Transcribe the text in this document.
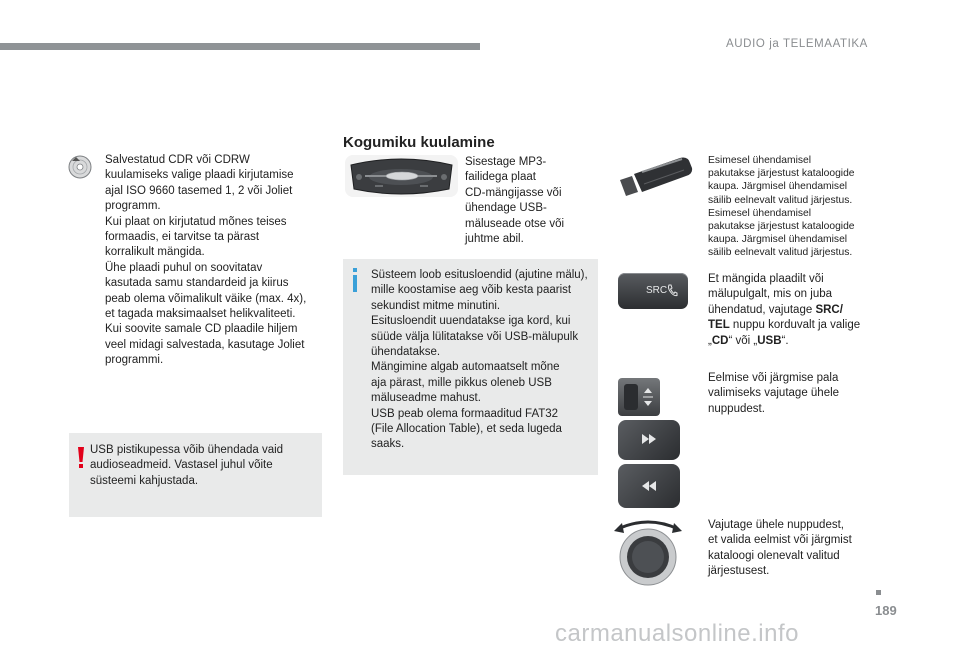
AUDIO ja TELEMAATIKA
Salvestatud CDR või CDRW
kuulamiseks valige plaadi kirjutamise
ajal ISO 9660 tasemed 1, 2 või Joliet
programm.
Kui plaat on kirjutatud mõnes teises
formaadis, ei tarvitse ta pärast
korralikult mängida.
Ühe plaadi puhul on soovitatav
kasutada samu standardeid ja kiirus
peab olema võimalikult väike (max. 4x),
et tagada maksimaalset helikvaliteeti.
Kui soovite samale CD plaadile hiljem
veel midagi salvestada, kasutage Joliet
programmi.
USB pistikupessa võib ühendada vaid
audioseadmeid. Vastasel juhul võite
süsteemi kahjustada.
Kogumiku kuulamine
Sisestage MP3-
failidega plaat
CD-mängijasse või
ühendage USB-
mäluseade otse või
juhtme abil.
Süsteem loob esitusloendid (ajutine mälu),
mille koostamise aeg võib kesta paarist
sekundist mitme minutini.
Esitusloendit uuendatakse iga kord, kui
süüde välja lülitatakse või USB-mälupulk
ühendatakse.
Mängimine algab automaatselt mõne
aja pärast, mille pikkus oleneb USB
mäluseadme mahust.
USB peab olema formaaditud FAT32
(File Allocation Table), et seda lugeda
saaks.
Esimesel ühendamisel
pakutakse järjestust kataloogide
kaupa. Järgmisel ühendamisel
säilib eelnevalt valitud järjestus.
Esimesel ühendamisel
pakutakse järjestust kataloogide
kaupa. Järgmisel ühendamisel
säilib eelnevalt valitud järjestus.
SRC
Et mängida plaadilt või
mälupulgalt, mis on juba
ühendatud, vajutage SRC/
TEL nuppu korduvalt ja valige
„CD“ või „USB“.
Eelmise või järgmise pala
valimiseks vajutage ühele
nuppudest.
Vajutage ühele nuppudest,
et valida eelmist või järgmist
kataloogi olenevalt valitud
järjestusest.
189
carmanualsonline.info
